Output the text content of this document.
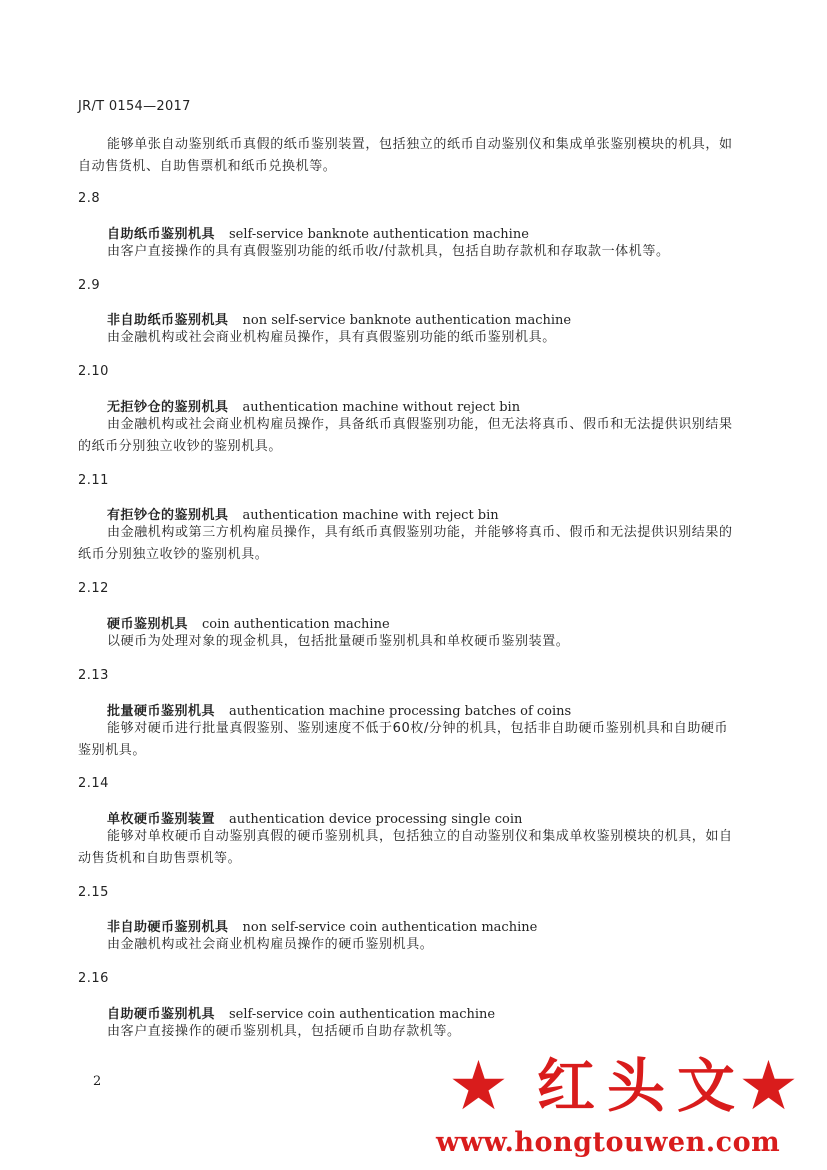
JR/T 0154—2017
能够单张自动鉴别纸币真假的纸币鉴别装置，包括独立的纸币自动鉴别仪和集成单张鉴别模块的机具，如自动售货机、自助售票机和纸币兑换机等。
2.8
自助纸币鉴别机具 self-service banknote authentication machine
由客户直接操作的具有真假鉴别功能的纸币收/付款机具，包括自助存款机和存取款一体机等。
2.9
非自助纸币鉴别机具 non self-service banknote authentication machine
由金融机构或社会商业机构雇员操作，具有真假鉴别功能的纸币鉴别机具。
2.10
无拒钞仓的鉴别机具 authentication machine without reject bin
由金融机构或社会商业机构雇员操作，具备纸币真假鉴别功能，但无法将真币、假币和无法提供识别结果的纸币分别独立收钞的鉴别机具。
2.11
有拒钞仓的鉴别机具 authentication machine with reject bin
由金融机构或第三方机构雇员操作，具有纸币真假鉴别功能，并能够将真币、假币和无法提供识别结果的纸币分别独立收钞的鉴别机具。
2.12
硬币鉴别机具 coin authentication machine
以硬币为处理对象的现金机具，包括批量硬币鉴别机具和单枚硬币鉴别装置。
2.13
批量硬币鉴别机具 authentication machine processing batches of coins
能够对硬币进行批量真假鉴别、鉴别速度不低于60枚/分钟的机具，包括非自助硬币鉴别机具和自助硬币鉴别机具。
2.14
单枚硬币鉴别装置 authentication device processing single coin
能够对单枚硬币自动鉴别真假的硬币鉴别机具，包括独立的自动鉴别仪和集成单枚鉴别模块的机具，如自动售货机和自助售票机等。
2.15
非自助硬币鉴别机具 non self-service coin authentication machine
由金融机构或社会商业机构雇员操作的硬币鉴别机具。
2.16
自助硬币鉴别机具 self-service coin authentication machine
由客户直接操作的硬币鉴别机具，包括硬币自助存款机等。
2	★ 红头文
★
www.hongtouwen.com
